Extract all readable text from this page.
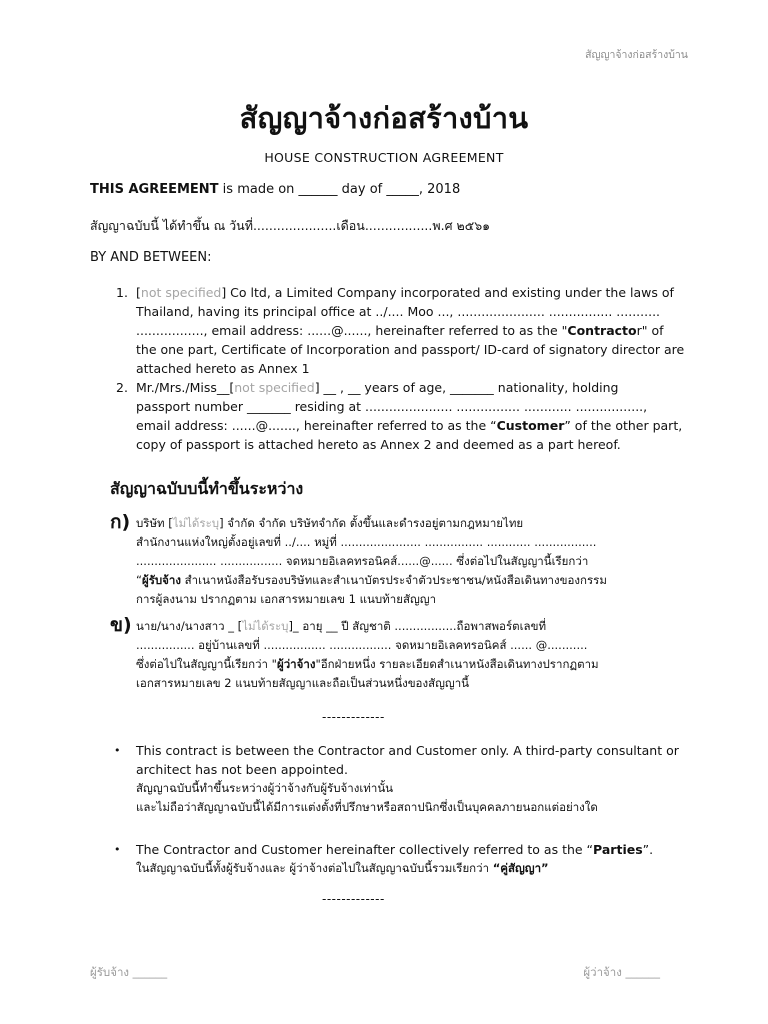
สัญญาจ้างก่อสร้างบ้าน
สัญญาจ้างก่อสร้างบ้าน
HOUSE CONSTRUCTION AGREEMENT
THIS AGREEMENT is made on ______ day of _____, 2018
สัญญาฉบับนี้ ได้ทำขึ้น ณ วันที่.....................เดือน.................พ.ศ ๒๕๖๑
BY AND BETWEEN:
1. [not specified] Co ltd, a Limited Company incorporated and existing under the laws of
Thailand, having its principal office at ../.... Moo ..., ...................... ................ ...........
................., email address: ......@......, hereinafter referred to as the "Contractor" of
the one part, Certificate of Incorporation and passport/ ID-card of signatory director are
attached hereto as Annex 1
2. Mr./Mrs./Miss__[not specified] __ , __ years of age, _______ nationality, holding
passport number _______ residing at ...................... ................ ............ .................,
email address: ......@......., hereinafter referred to as the “Customer” of the other part,
copy of passport is attached hereto as Annex 2 and deemed as a part hereof.
สัญญาฉบับบนี้ทำขึ้นระหว่าง
ก) บริษัท [ไม่ได้ระบุ] จำกัด จำกัด บริษัทจำกัด ตั้งขึ้นและดำรงอยู่ตามกฎหมายไทย
สำนักงานแห่งใหญ่ตั้งอยู่เลขที่ ../.... หมู่ที่ ...................... ................ ............ .................
...................... ................. จดหมายอิเลคทรอนิคส์......@...... ซึ่งต่อไปในสัญญานี้เรียกว่า
“ผู้รับจ้าง สำเนาหนังสือรับรองบริษัทและสำเนาบัตรประจำตัวประชาชน/หนังสือเดินทางของกรรม
การผู้ลงนาม ปรากฏตาม เอกสารหมายเลข 1 แนบท้ายสัญญา
ข) นาย/นาง/นางสาว _ [ไม่ได้ระบุ]_ อายุ __ ปี สัญชาติ .................ถือพาสพอร์ตเลขที่
................ อยู่บ้านเลขที่ ................. ................. จดหมายอิเลคทรอนิคส์ ...... @...........
ซึ่งต่อไปในสัญญานี้เรียกว่า "ผู้ว่าจ้าง"อีกฝ่ายหนึ่ง รายละเอียดสำเนาหนังสือเดินทางปรากฏตาม
เอกสารหมายเลข 2 แนบท้ายสัญญาและถือเป็นส่วนหนึ่งของสัญญานี้
-------------
• This contract is between the Contractor and Customer only. A third-party consultant or
architect has not been appointed.
สัญญาฉบับนี้ทำขึ้นระหว่างผู้ว่าจ้างกับผู้รับจ้างเท่านั้น
และไม่ถือว่าสัญญาฉบับนี้ได้มีการแต่งตั้งที่ปรึกษาหรือสถาปนิกซึ่งเป็นบุคคลภายนอกแต่อย่างใด
• The Contractor and Customer hereinafter collectively referred to as the “Parties”.
ในสัญญาฉบับนี้ทั้งผู้รับจ้างและ ผู้ว่าจ้างต่อไปในสัญญาฉบับนี้รวมเรียกว่า “คู่สัญญา”
-------------
ผู้รับจ้าง ______	ผู้ว่าจ้าง ______
